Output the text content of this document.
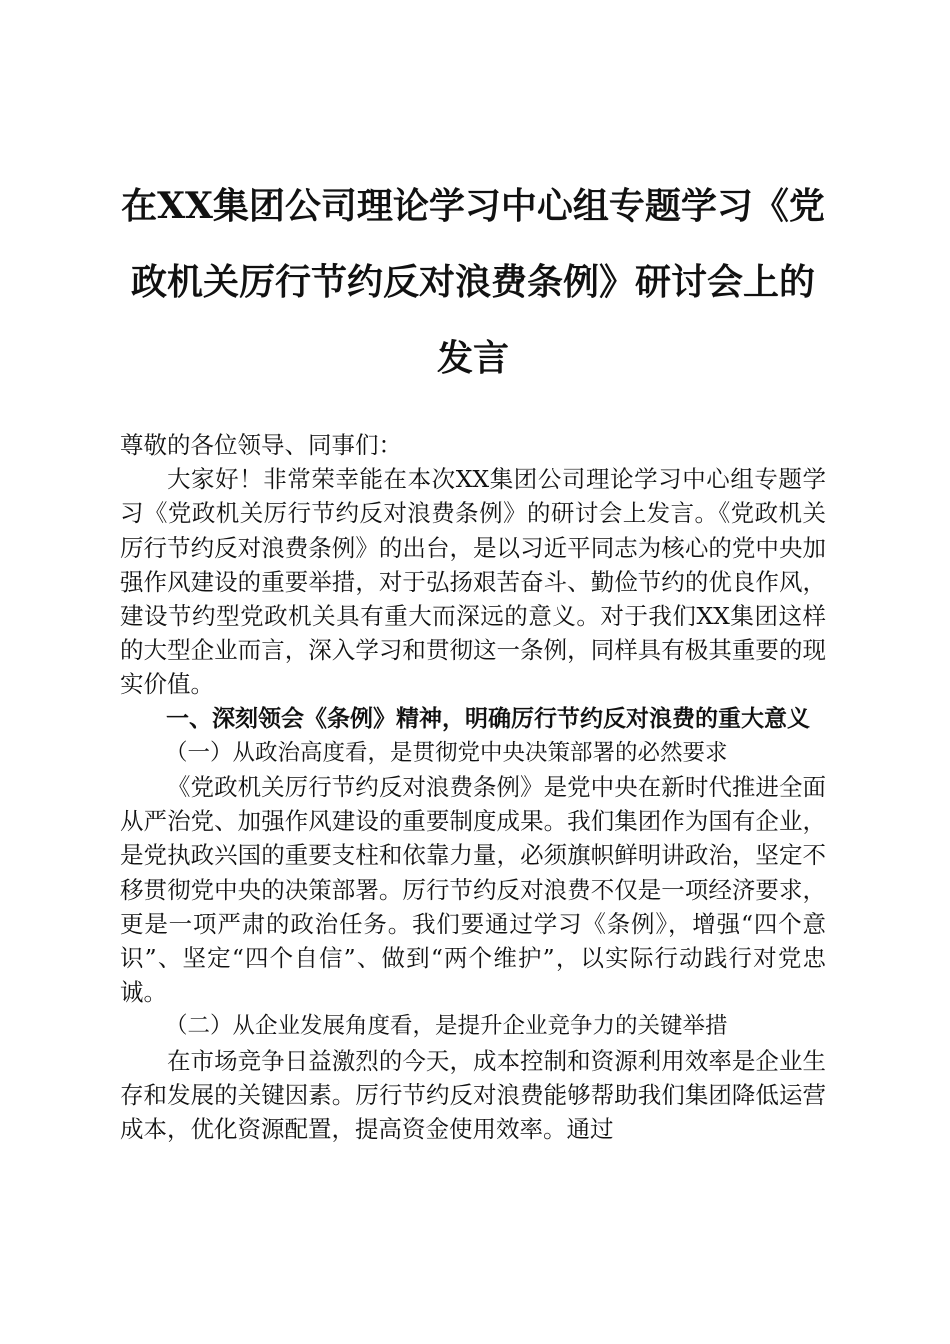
在XX集团公司理论学习中心组专题学习《党政机关厉行节约反对浪费条例》研讨会上的发言

尊敬的各位领导、同事们：

大家好！非常荣幸能在本次XX集团公司理论学习中心组专题学习《党政机关厉行节约反对浪费条例》的研讨会上发言。《党政机关厉行节约反对浪费条例》的出台，是以习近平同志为核心的党中央加强作风建设的重要举措，对于弘扬艰苦奋斗、勤俭节约的优良作风，建设节约型党政机关具有重大而深远的意义。对于我们XX集团这样的大型企业而言，深入学习和贯彻这一条例，同样具有极其重要的现实价值。

一、深刻领会《条例》精神，明确厉行节约反对浪费的重大意义

（一）从政治高度看，是贯彻党中央决策部署的必然要求

《党政机关厉行节约反对浪费条例》是党中央在新时代推进全面从严治党、加强作风建设的重要制度成果。我们集团作为国有企业，是党执政兴国的重要支柱和依靠力量，必须旗帜鲜明讲政治，坚定不移贯彻党中央的决策部署。厉行节约反对浪费不仅是一项经济要求，更是一项严肃的政治任务。我们要通过学习《条例》，增强“四个意识”、坚定“四个自信”、做到“两个维护”，以实际行动践行对党忠诚。

（二）从企业发展角度看，是提升企业竞争力的关键举措

在市场竞争日益激烈的今天，成本控制和资源利用效率是企业生存和发展的关键因素。厉行节约反对浪费能够帮助我们集团降低运营成本，优化资源配置，提高资金使用效率。通过
